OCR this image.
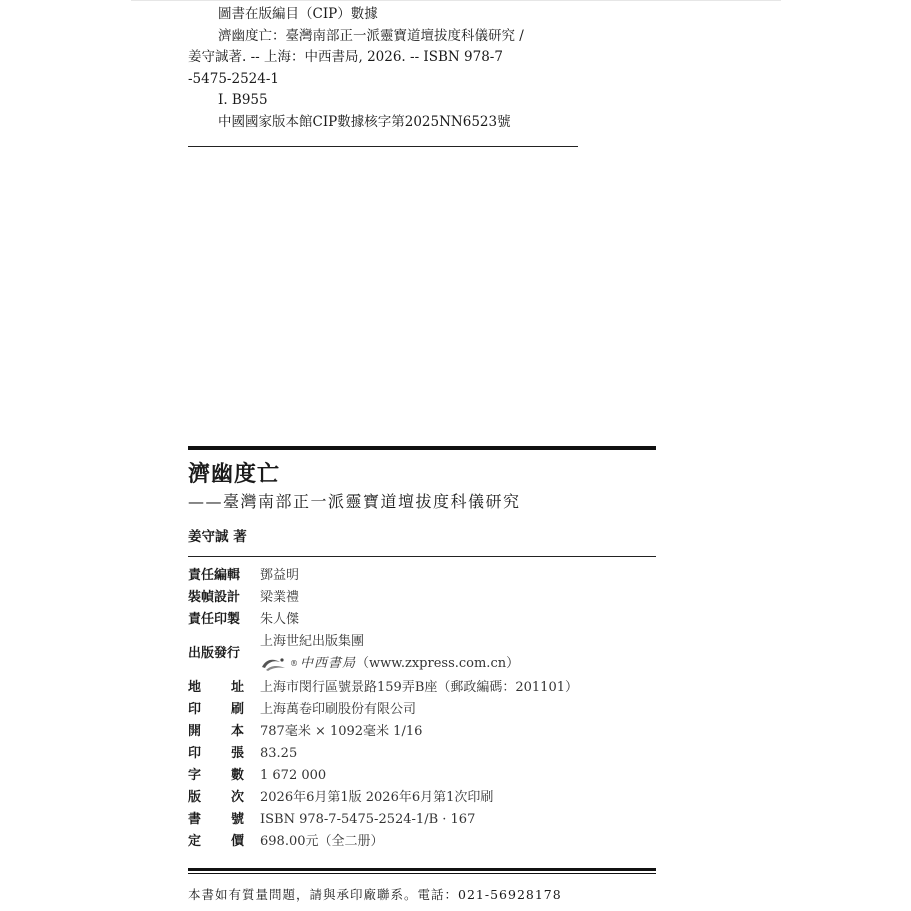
圖書在版編目（CIP）數據
濟幽度亡：臺灣南部正一派靈寶道壇拔度科儀研究 /
姜守誠著. -- 上海：中西書局, 2026. -- ISBN 978-7
-5475-2524-1
Ⅰ. B955
中國國家版本館CIP數據核字第2025NN6523號
濟幽度亡
——臺灣南部正一派靈寶道壇拔度科儀研究
姜守誠 著
責任編輯	鄧益明
裝幀設計	梁業禮
責任印製	朱人傑
出版發行
上海世紀出版集團
® 中西書局 （www.zxpress.com.cn）
地 址 上海市閔行區號景路159弄B座（郵政編碼：201101）
印 刷 上海萬卷印刷股份有限公司
開 本 787毫米 × 1092毫米 1/16
印 張 83.25
字 數 1 672 000
版 次 2026年6月第1版 2026年6月第1次印刷
書 號 ISBN 978-7-5475-2524-1/B · 167
定 價 698.00元（全二册）
本書如有質量問題，請與承印廠聯系。電話：021-56928178
